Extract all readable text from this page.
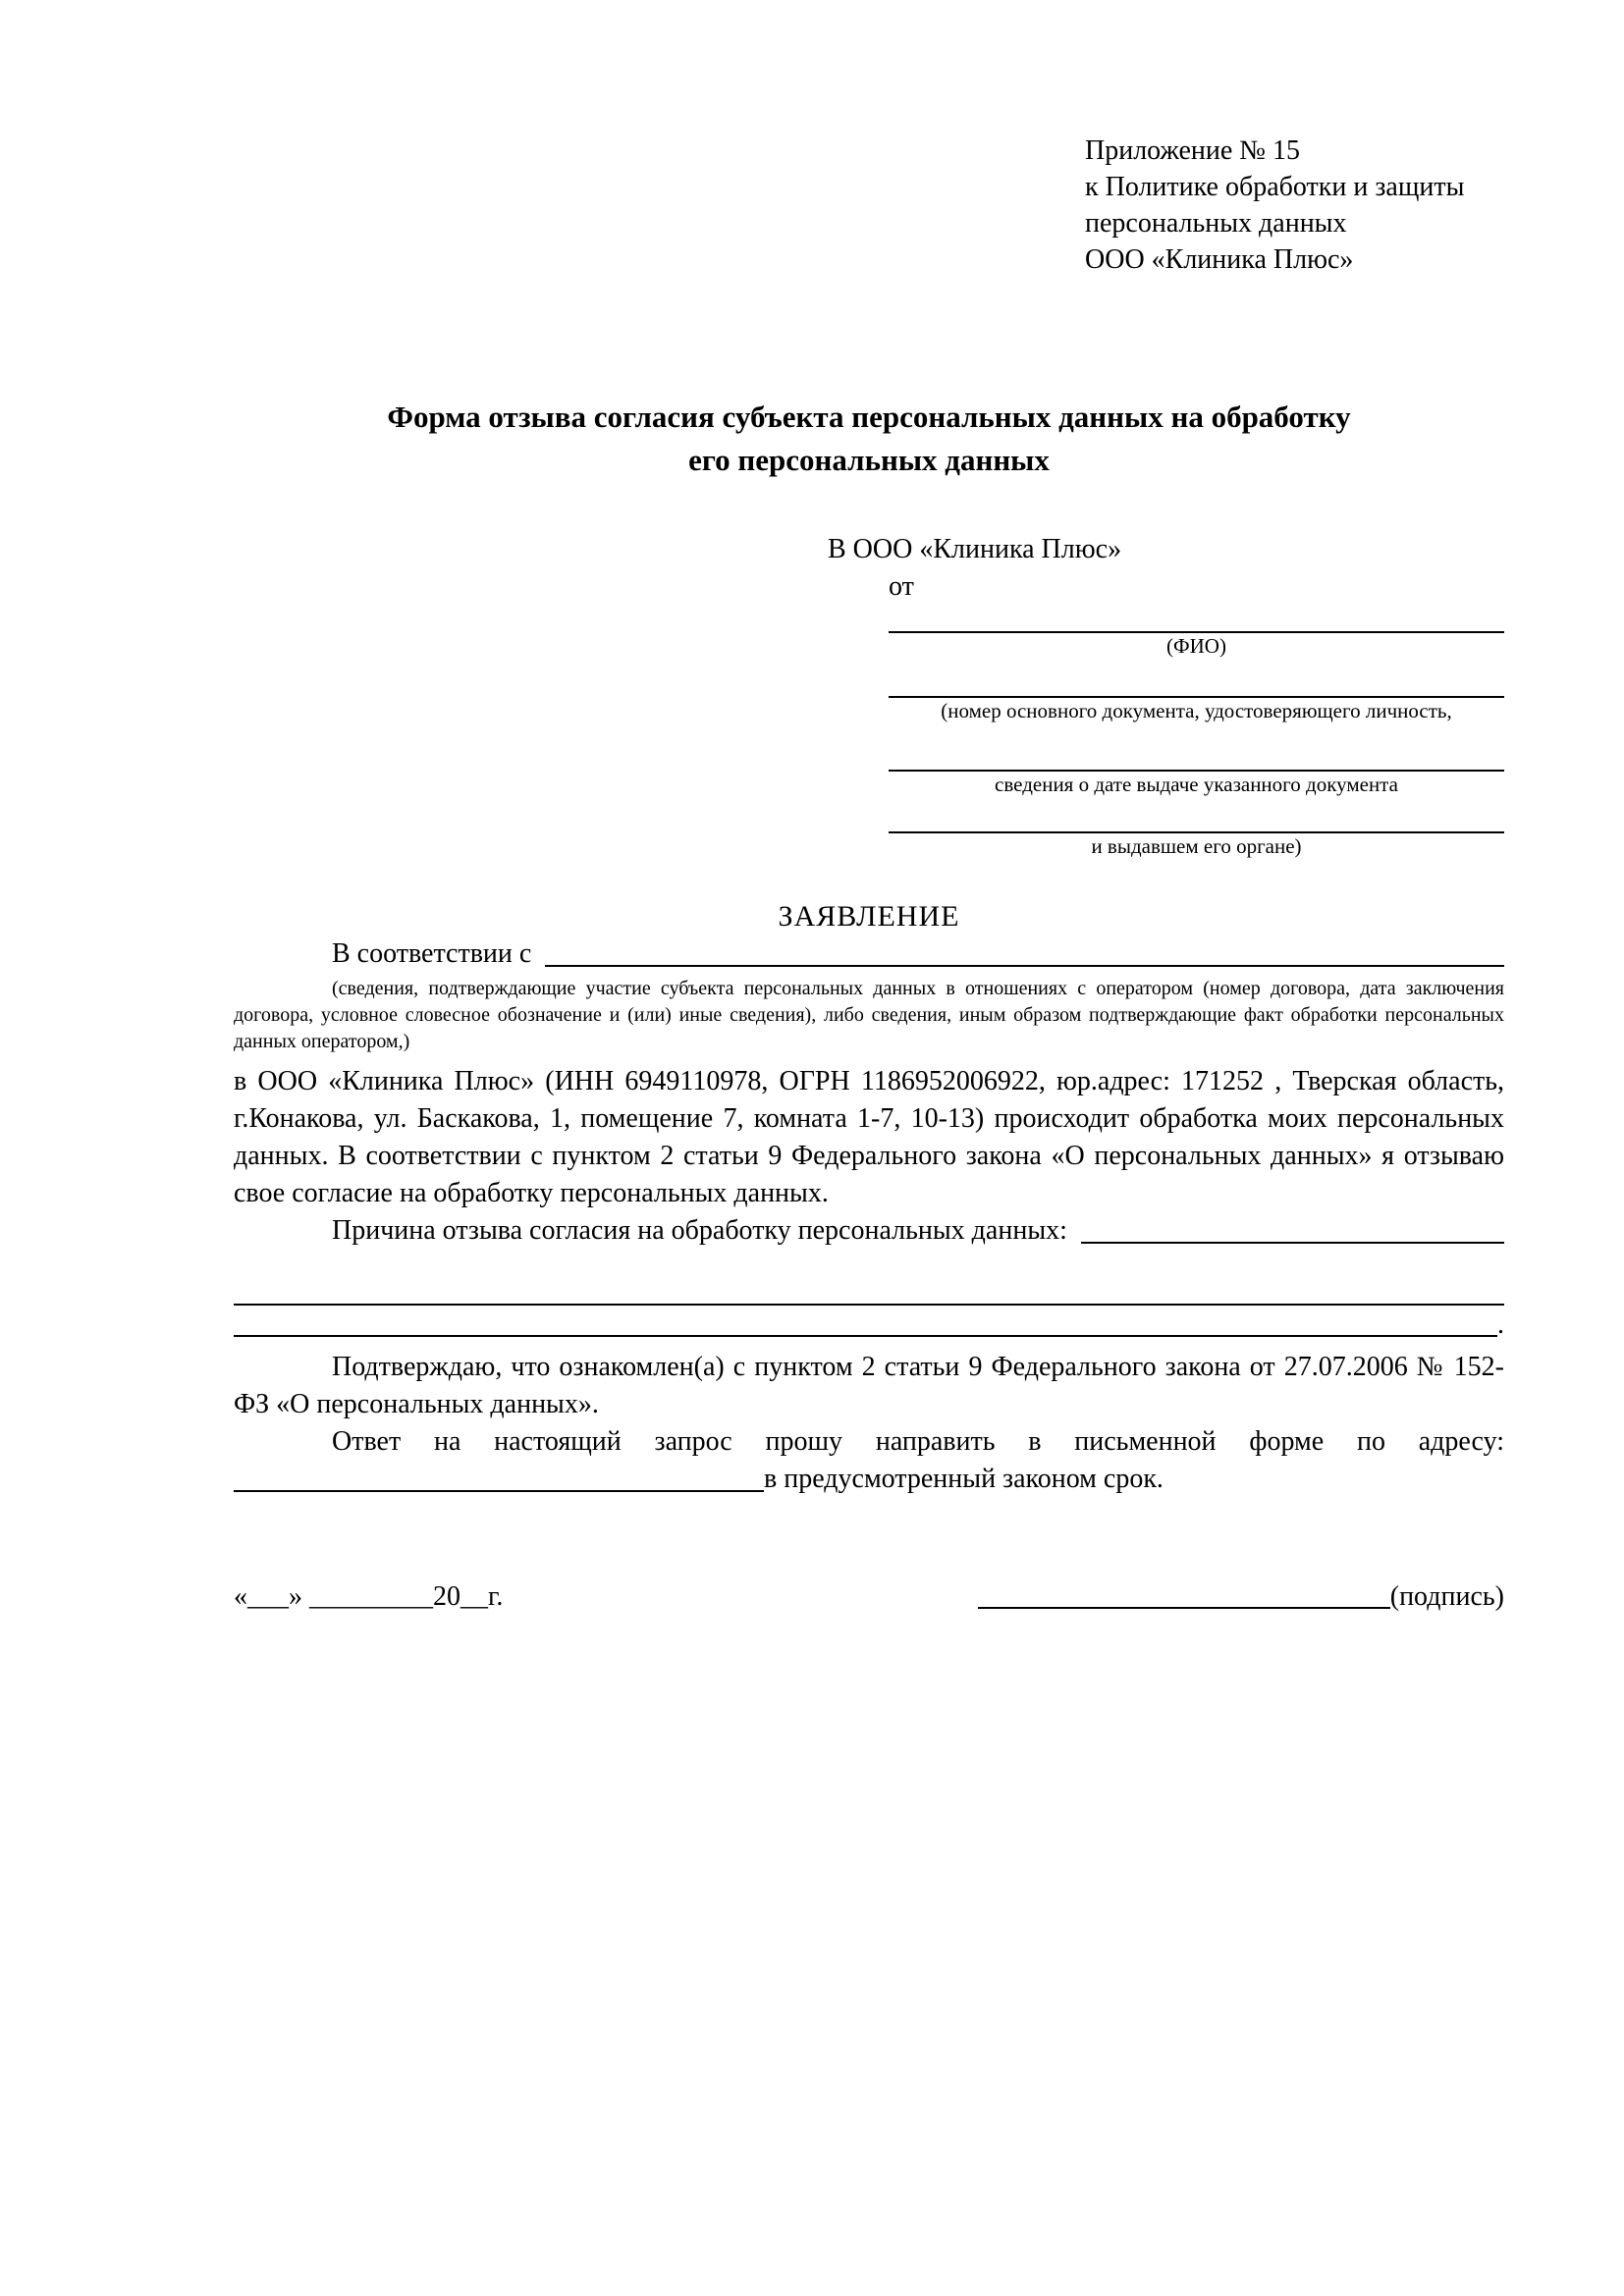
Приложение № 15
к Политике обработки и защиты
персональных данных
ООО «Клиника Плюс»
Форма отзыва согласия субъекта персональных данных на обработку
его персональных данных
В ООО «Клиника Плюс»
от
(ФИО)
(номер основного документа, удостоверяющего личность,
сведения о дате выдаче указанного документа
и выдавшем его органе)
ЗАЯВЛЕНИЕ
В соответствии с
(сведения, подтверждающие участие субъекта персональных данных в отношениях с оператором (номер договора, дата заключения договора, условное словесное обозначение и (или) иные сведения), либо сведения, иным образом подтверждающие факт обработки персональных данных оператором,)
в ООО «Клиника Плюс» (ИНН 6949110978, ОГРН 1186952006922, юр.адрес: 171252 , Тверская область, г.Конакова, ул. Баскакова, 1, помещение 7, комната 1-7, 10-13) происходит обработка моих персональных данных. В соответствии с пунктом 2 статьи 9 Федерального закона «О персональных данных» я отзываю свое согласие на обработку персональных данных.
Причина отзыва согласия на обработку персональных данных:
.
Подтверждаю, что ознакомлен(а) с пунктом 2 статьи 9 Федерального закона от 27.07.2006 № 152-ФЗ «О персональных данных».
Ответ на настоящий запрос прошу направить в письменной форме по адресу:
в предусмотренный законом срок.
«___» _________20__г.	(подпись)
